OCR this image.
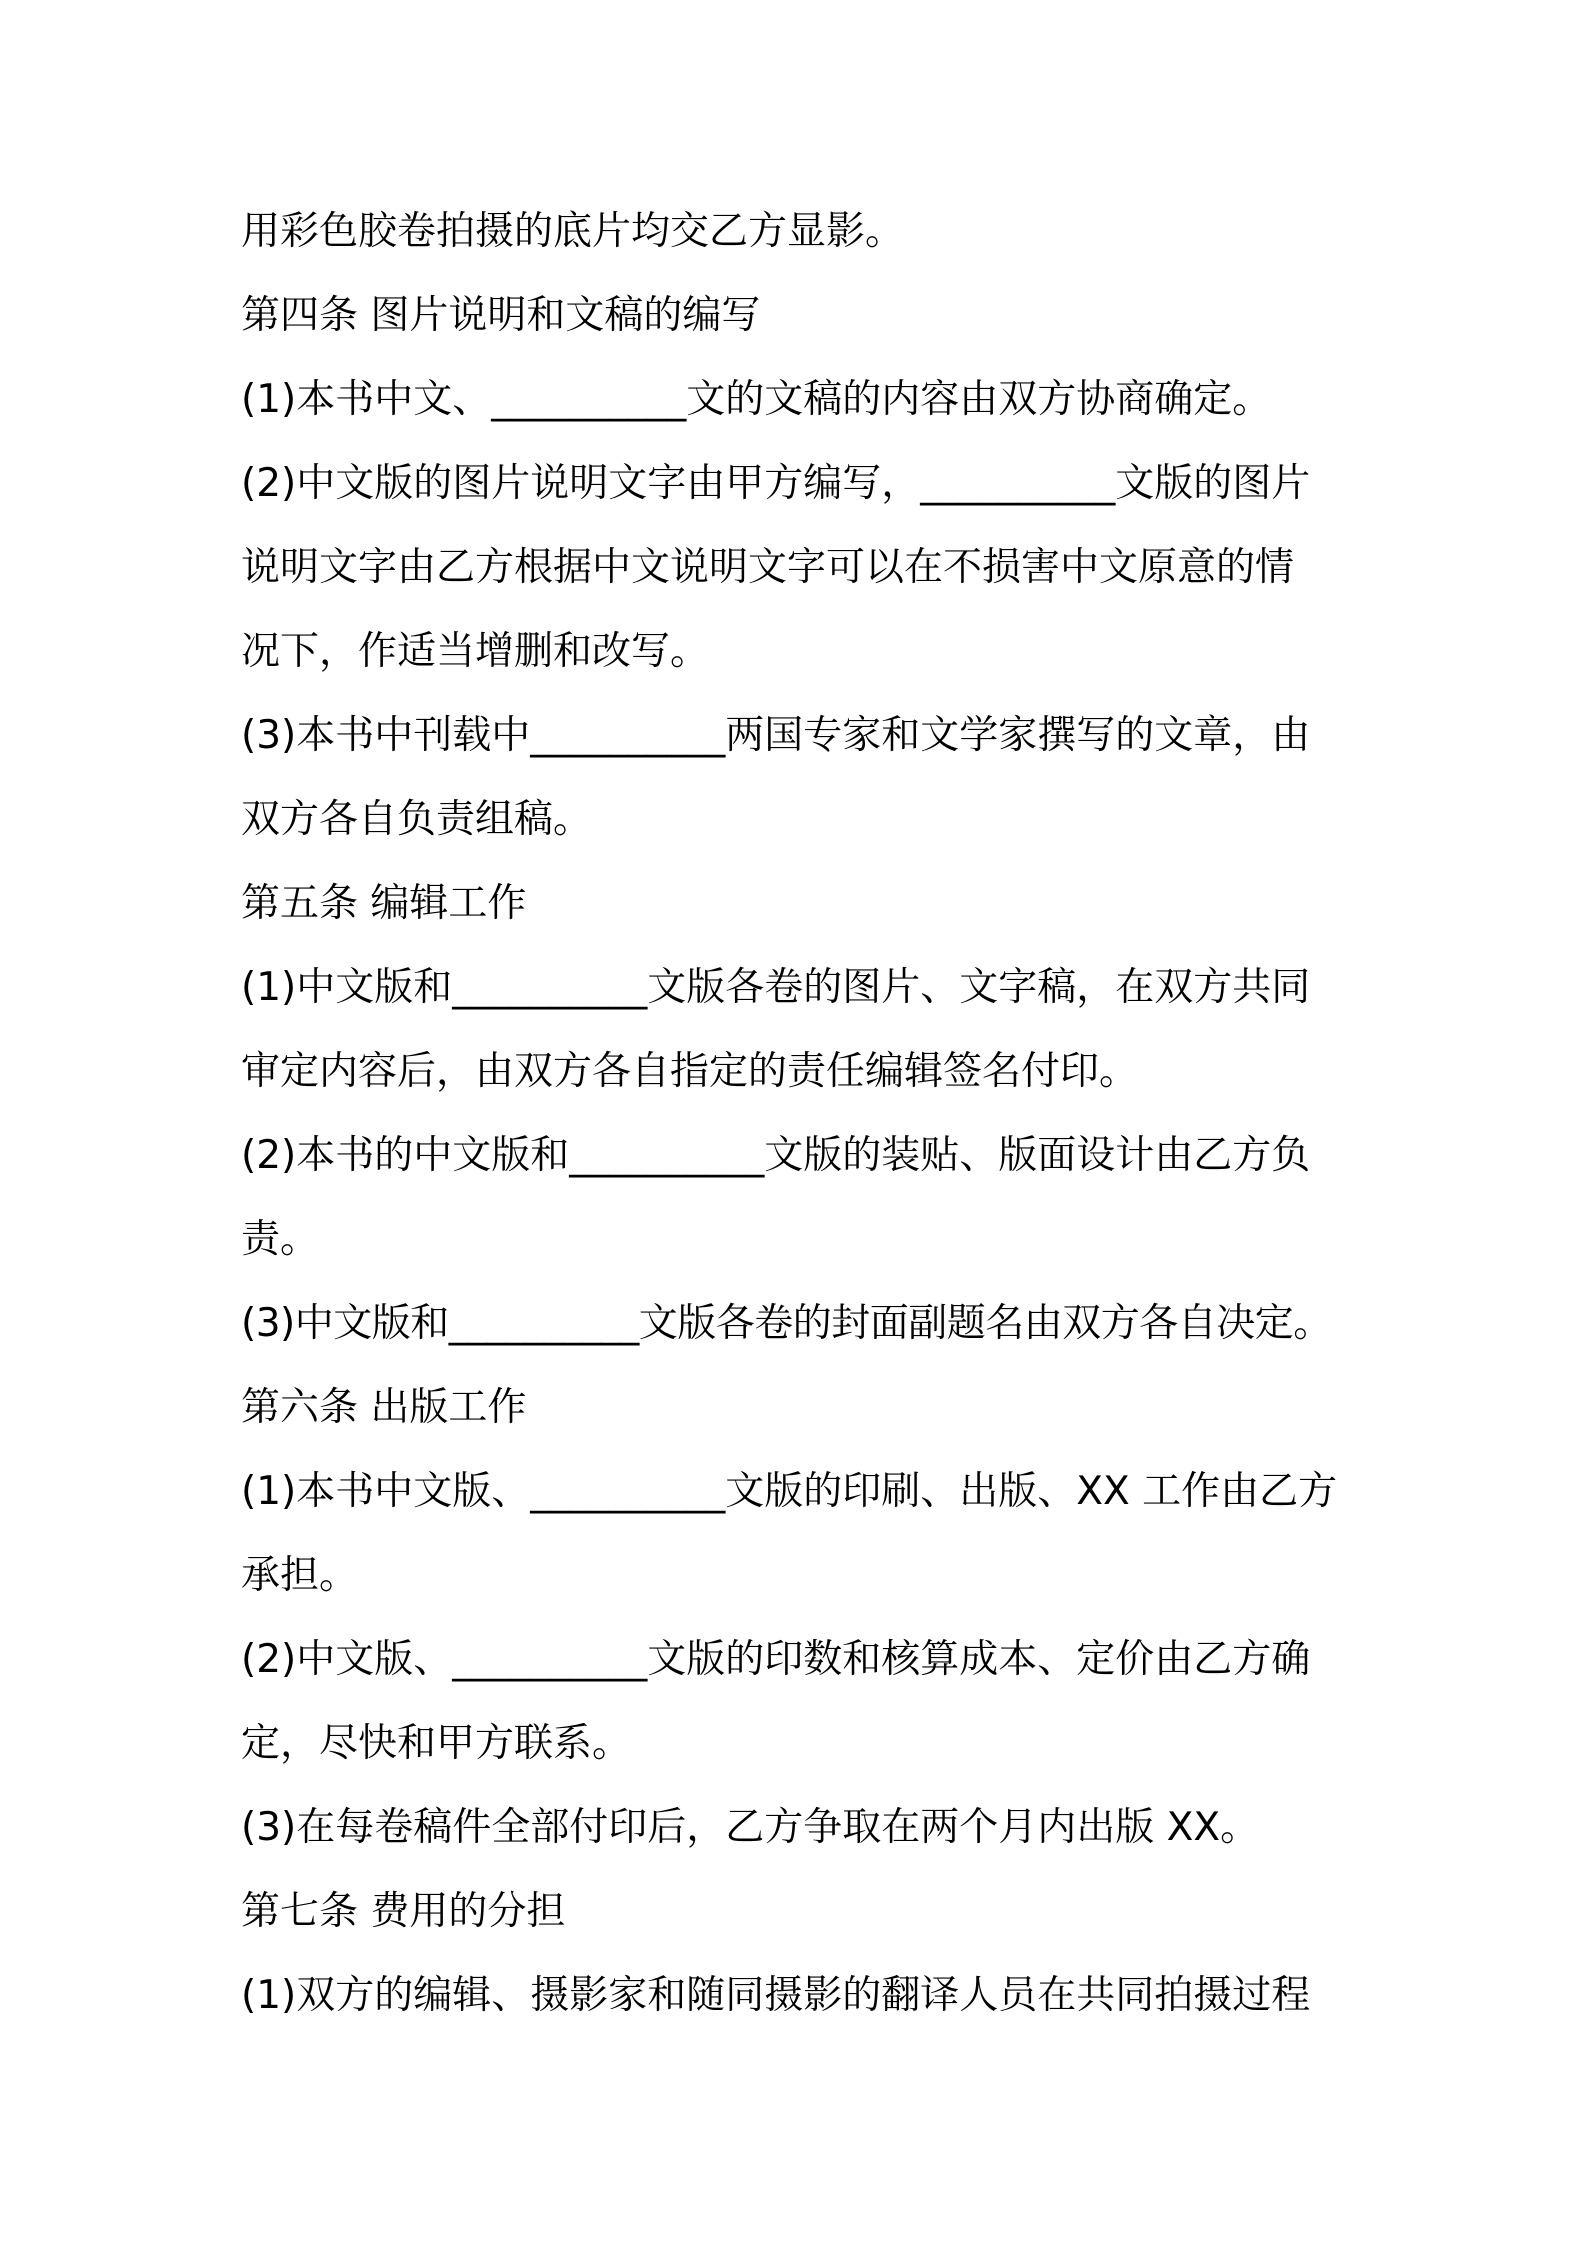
用彩色胶卷拍摄的底片均交乙方显影。
第四条 图片说明和文稿的编写
(1)本书中文、__________文的文稿的内容由双方协商确定。
(2)中文版的图片说明文字由甲方编写，__________文版的图片
说明文字由乙方根据中文说明文字可以在不损害中文原意的情
况下，作适当增删和改写。
(3)本书中刊载中__________两国专家和文学家撰写的文章，由
双方各自负责组稿。
第五条 编辑工作
(1)中文版和__________文版各卷的图片、文字稿，在双方共同
审定内容后，由双方各自指定的责任编辑签名付印。
(2)本书的中文版和__________文版的装贴、版面设计由乙方负
责。
(3)中文版和__________文版各卷的封面副题名由双方各自决定。
第六条 出版工作
(1)本书中文版、__________文版的印刷、出版、XX 工作由乙方
承担。
(2)中文版、__________文版的印数和核算成本、定价由乙方确
定，尽快和甲方联系。
(3)在每卷稿件全部付印后，乙方争取在两个月内出版 XX。
第七条 费用的分担
(1)双方的编辑、摄影家和随同摄影的翻译人员在共同拍摄过程
